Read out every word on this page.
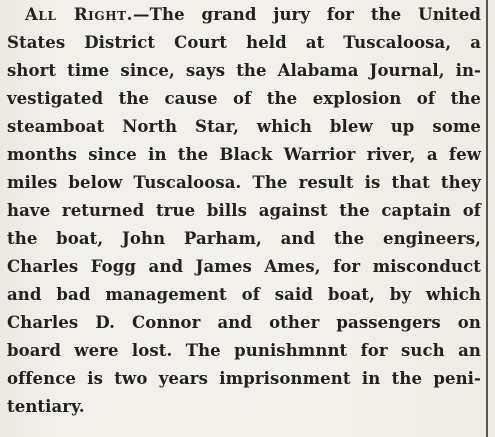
All Right.—The grand jury for the United
States District Court held at Tuscaloosa, a
short time since, says the Alabama Journal, in-
vestigated the cause of the explosion of the
steamboat North Star, which blew up some
months since in the Black Warrior river, a few
miles below Tuscaloosa. The result is that they
have returned true bills against the captain of
the boat, John Parham, and the engineers,
Charles Fogg and James Ames, for misconduct
and bad management of said boat, by which
Charles D. Connor and other passengers on
board were lost. The punishmnnt for such an
offence is two years imprisonment in the peni-
tentiary.
